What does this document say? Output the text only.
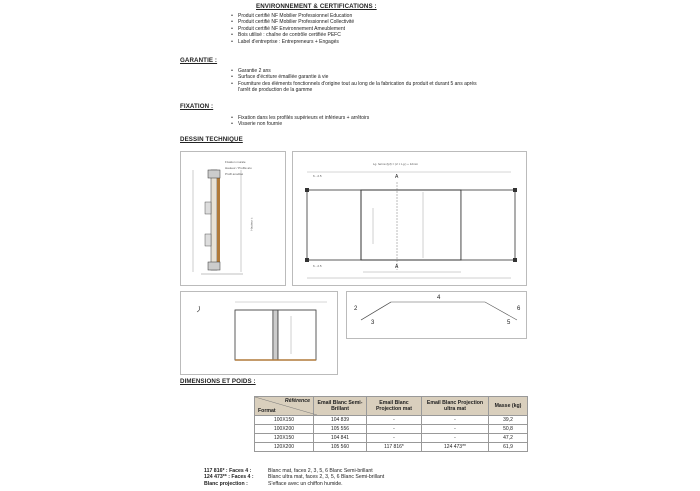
ENVIRONNEMENT & CERTIFICATIONS :
• Produit certifié NF Mobilier Professionnel Education
• Produit certifié NF Mobilier Professionnel Collectivité
• Produit certifié NF Environnement Ameublement
• Bois utilisé : chaîne de contrôle certifiée PEFC
• Label d'entreprise : Entrepreneurs + Engagés
GARANTIE :
• Garantie 2 ans
• Surface d'écriture émaillée garantie à vie
• Fourniture des éléments fonctionnels d'origine tout au long de la fabrication du produit et durant 5 ans après
l'arrêt de production de la gamme
FIXATION :
• Fixation dans les profilés supérieurs et inférieurs + arrêtoirs
• Visserie non fournie
DESSIN TECHNIQUE
Fixation murale
Hauteur / Profilé alu
Profil anodisé
Hauteur ±
Lg. fermé (lpf) = (2 × Lg.) + 12mm
6 - 2.5
6 - 2.5
A
A
4
2
3	5
6
DIMENSIONS ET POIDS :
Référence
Format	Email Blanc Semi-Brillant	Email Blanc Projection mat	Email Blanc Projection ultra mat	Masse (kg)
100X150	104 839	-	-	39,2
100X200	105 556	-	-	50,8
120X150	104 841	-	-	47,2
120X200	105 560	117 816*	124 473**	61,9
117 816* : Faces 4 :	Blanc mat, faces 2, 3, 5, 6 Blanc Semi-brillant
124 473** : Faces 4 :	Blanc ultra mat, faces 2, 3, 5, 6 Blanc Semi-brillant
Blanc projection :	S'efface avec un chiffon humide.
